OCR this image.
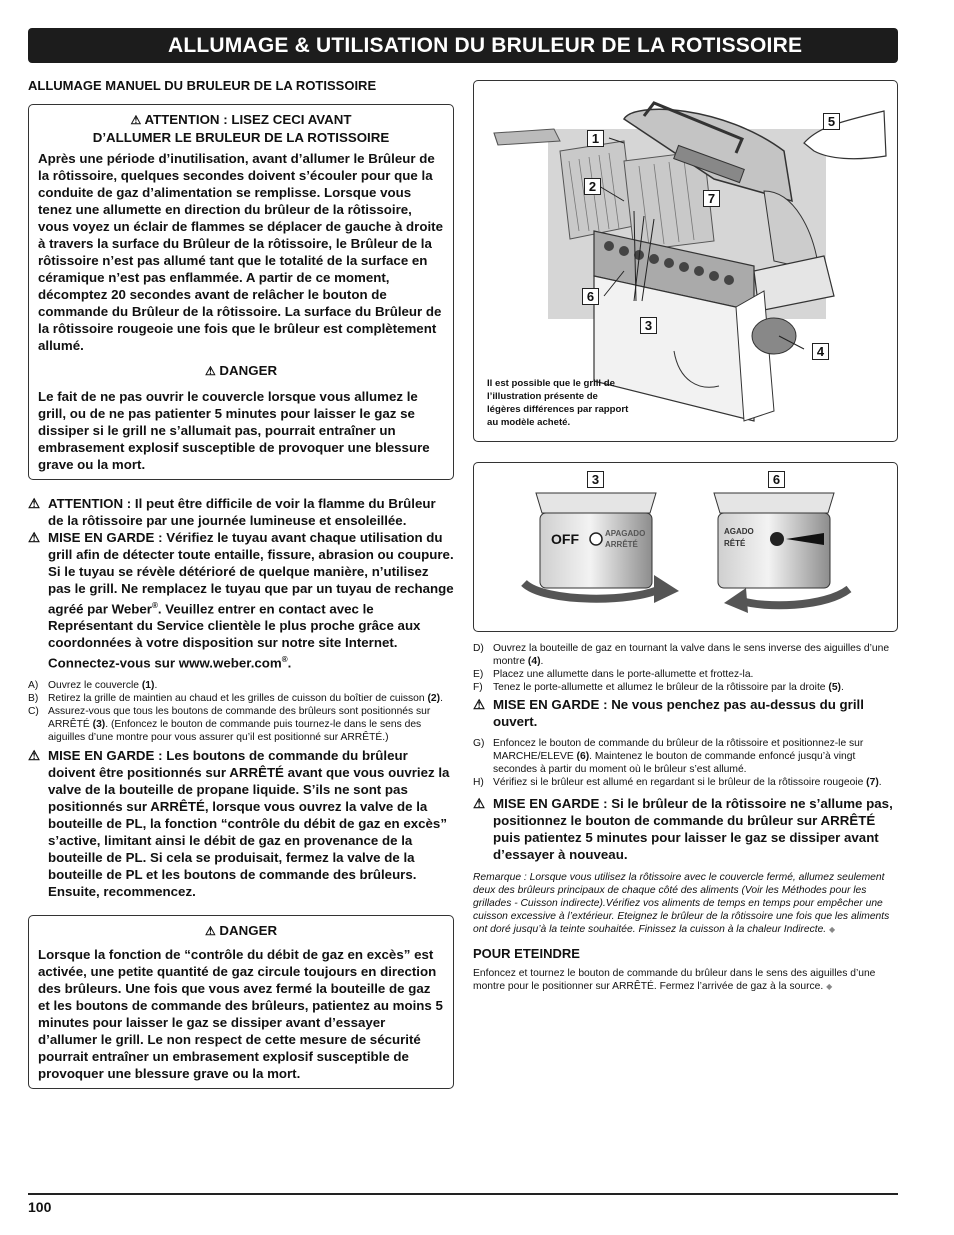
ALLUMAGE & UTILISATION DU BRULEUR DE LA ROTISSOIRE
ALLUMAGE MANUEL DU BRULEUR DE LA ROTISSOIRE
⚠ ATTENTION : LISEZ CECI AVANT
D’ALLUMER LE BRULEUR DE LA ROTISSOIRE

Après une période d’inutilisation, avant d’allumer le Brûleur de la rôtissoire, quelques secondes doivent s’écouler pour que la conduite de gaz d’alimentation se remplisse. Lorsque vous tenez une allumette en direction du brûleur de la rôtissoire, vous voyez un éclair de flammes se déplacer de gauche à droite à travers la surface du Brûleur de la rôtissoire, le Brûleur de la rôtissoire n’est pas allumé tant que le totalité de la surface en céramique n’est pas enflammée. A partir de ce moment, décomptez 20 secondes avant de relâcher le bouton de commande du Brûleur de la rôtissoire. La surface du Brûleur de la rôtissoire rougeoie une fois que le brûleur est complètement allumé.

⚠ DANGER

Le fait de ne pas ouvrir le couvercle lorsque vous allumez le grill, ou de ne pas patienter 5 minutes pour laisser le gaz se dissiper si le grill ne s’allumait pas, pourrait entraîner un embrasement explosif susceptible de provoquer une blessure grave ou la mort.

⚠ ATTENTION : Il peut être difficile de voir la flamme du Brûleur de la rôtissoire par une journée lumineuse et ensoleillée.
⚠ MISE EN GARDE : Vérifiez le tuyau avant chaque utilisation du grill afin de détecter toute entaille, fissure, abrasion ou coupure. Si le tuyau se révèle détérioré de quelque manière, n’utilisez pas le grill. Ne remplacez le tuyau que par un tuyau de rechange agréé par Weber®. Veuillez entrer en contact avec le Représentant du Service clientèle le plus proche grâce aux coordonnées à votre disposition sur notre site Internet. Connectez-vous sur www.weber.com®.
A) Ouvrez le couvercle (1).
B) Retirez la grille de maintien au chaud et les grilles de cuisson du boîtier de cuisson (2).
C) Assurez-vous que tous les boutons de commande des brûleurs sont positionnés sur ARRÊTÉ (3). (Enfoncez le bouton de commande puis tournez-le dans le sens des aiguilles d’une montre pour vous assurer qu’il est positionné sur ARRÊTÉ.)
⚠ MISE EN GARDE : Les boutons de commande du brûleur doivent être positionnés sur ARRÊTÉ avant que vous ouvriez la valve de la bouteille de propane liquide. S’ils ne sont pas positionnés sur ARRÊTÉ, lorsque vous ouvrez la valve de la bouteille de PL, la fonction “contrôle du débit de gaz en excès” s’active, limitant ainsi le débit de gaz en provenance de la bouteille de PL. Si cela se produisait, fermez la valve de la bouteille de PL et les boutons de commande des brûleurs. Ensuite, recommencez.
⚠ DANGER

Lorsque la fonction de “contrôle du débit de gaz en excès” est activée, une petite quantité de gaz circule toujours en direction des brûleurs. Une fois que vous avez fermé la bouteille de gaz et les boutons de commande des brûleurs, patientez au moins 5 minutes pour laisser le gaz se dissiper avant d’essayer d’allumer le grill. Le non respect de cette mesure de sécurité pourrait entraîner un embrasement explosif susceptible de provoquer une blessure grave ou la mort.

1
2
7
5
6
3
4
Il est possible que le grill de l’illustration présente de légères différences par rapport au modèle acheté.
3	6
OFF	APAGADO
ARRÊTÉ
AGADO
RÊTÉ
D) Ouvrez la bouteille de gaz en tournant la valve dans le sens inverse des aiguilles d’une montre (4).
E) Placez une allumette dans le porte-allumette et frottez-la.
F) Tenez le porte-allumette et allumez le brûleur de la rôtissoire par la droite (5).
⚠ MISE EN GARDE : Ne vous penchez pas au-dessus du grill ouvert.
G) Enfoncez le bouton de commande du brûleur de la rôtissoire et positionnez-le sur MARCHE/ELEVE (6). Maintenez le bouton de commande enfoncé jusqu’à vingt secondes à partir du moment où le brûleur s’est allumé.
H) Vérifiez si le brûleur est allumé en regardant si le brûleur de la rôtissoire rougeoie (7).
⚠ MISE EN GARDE : Si le brûleur de la rôtissoire ne s’allume pas, positionnez le bouton de commande du brûleur sur ARRÊTÉ puis patientez 5 minutes pour laisser le gaz se dissiper avant d’essayer à nouveau.
Remarque : Lorsque vous utilisez la rôtissoire avec le couvercle fermé, allumez seulement deux des brûleurs principaux de chaque côté des aliments (Voir les Méthodes pour les grillades - Cuisson indirecte).Vérifiez vos aliments de temps en temps pour empêcher une cuisson excessive à l’extérieur. Eteignez le brûleur de la rôtissoire une fois que les aliments ont doré jusqu’à la teinte souhaitée. Finissez la cuisson à la chaleur Indirecte. ◆
POUR ETEINDRE
Enfoncez et tournez le bouton de commande du brûleur dans le sens des aiguilles d’une montre pour le positionner sur ARRÊTÉ. Fermez l’arrivée de gaz à la source. ◆
100
